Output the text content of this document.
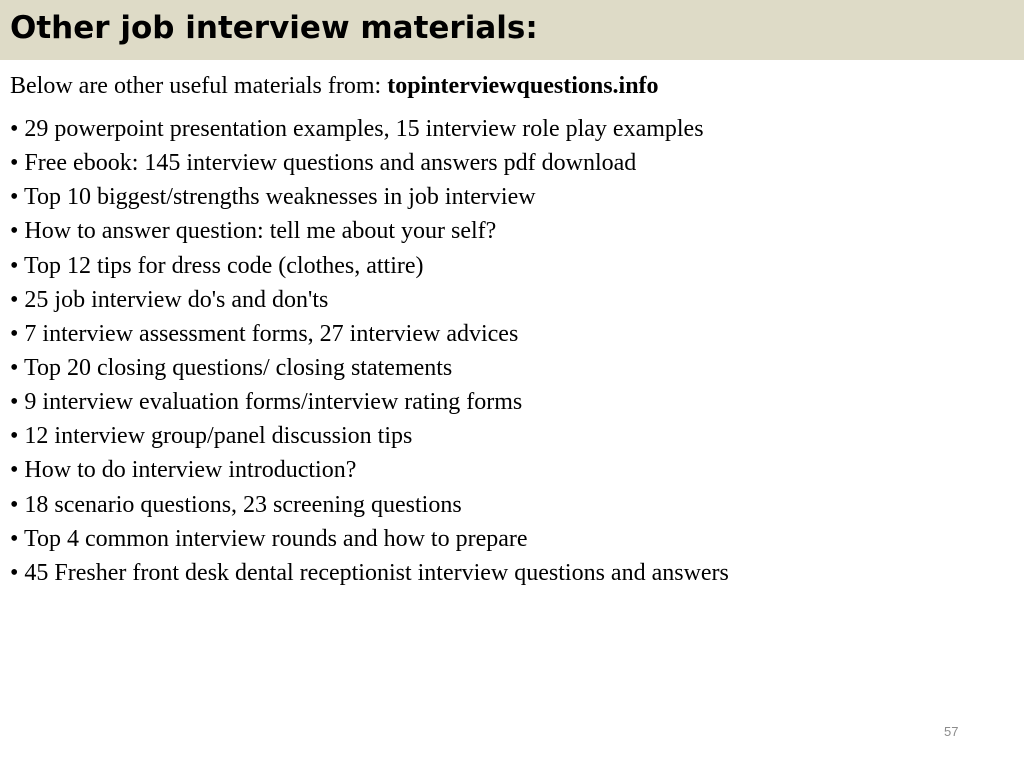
Other job interview materials:

Below are other useful materials from: topinterviewquestions.info

• 29 powerpoint presentation examples, 15 interview role play examples
• Free ebook: 145 interview questions and answers pdf download
• Top 10 biggest/strengths weaknesses in job interview
• How to answer question: tell me about your self?
• Top 12 tips for dress code (clothes, attire)
• 25 job interview do's and don'ts
• 7 interview assessment forms, 27 interview advices
• Top 20 closing questions/ closing statements
• 9 interview evaluation forms/interview rating forms
• 12 interview group/panel discussion tips
• How to do interview introduction?
• 18 scenario questions, 23 screening questions
• Top 4 common interview rounds and how to prepare
• 45 Fresher front desk dental receptionist interview questions and answers
57
